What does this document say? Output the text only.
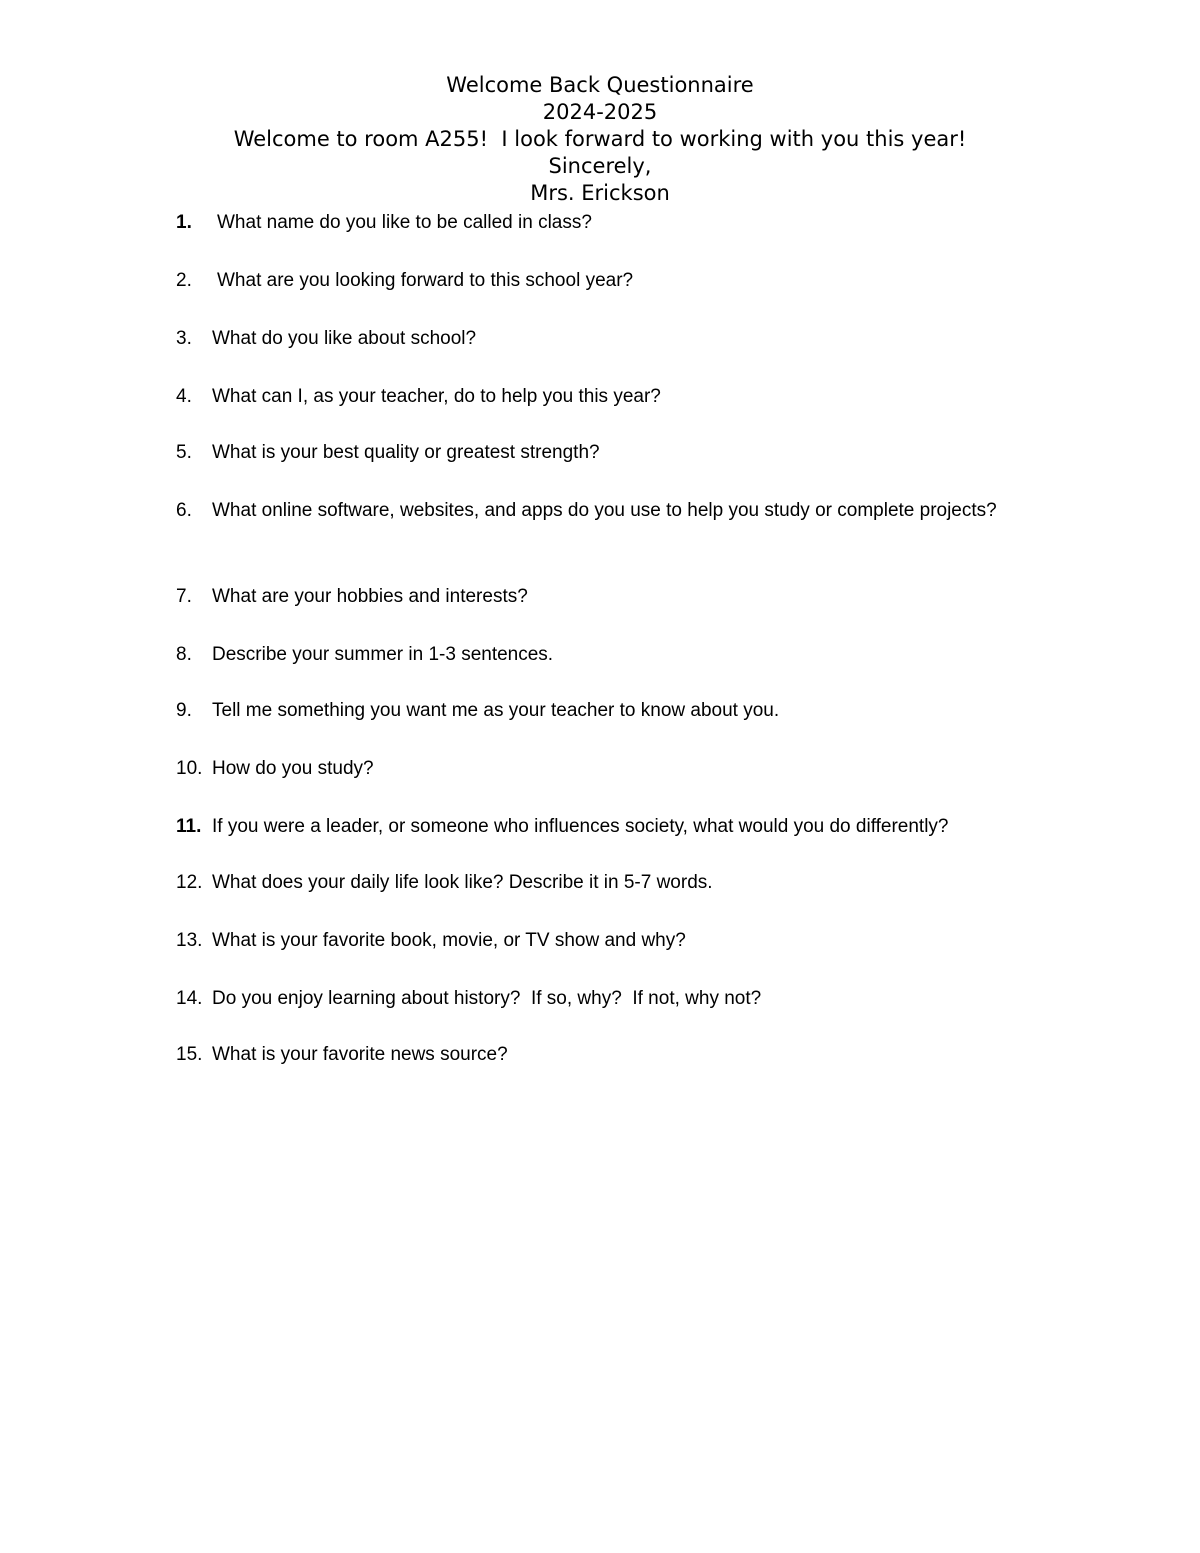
Welcome Back Questionnaire
2024-2025
Welcome to room A255!  I look forward to working with you this year!
Sincerely,
Mrs. Erickson
1. What name do you like to be called in class?
2. What are you looking forward to this school year?
3. What do you like about school?
4. What can I, as your teacher, do to help you this year?
5. What is your best quality or greatest strength?
6. What online software, websites, and apps do you use to help you study or complete projects?
7. What are your hobbies and interests?
8. Describe your summer in 1-3 sentences.
9. Tell me something you want me as your teacher to know about you.
10. How do you study?
11. If you were a leader, or someone who influences society, what would you do differently?
12. What does your daily life look like? Describe it in 5-7 words.
13. What is your favorite book, movie, or TV show and why?
14. Do you enjoy learning about history?  If so, why?  If not, why not?
15. What is your favorite news source?
